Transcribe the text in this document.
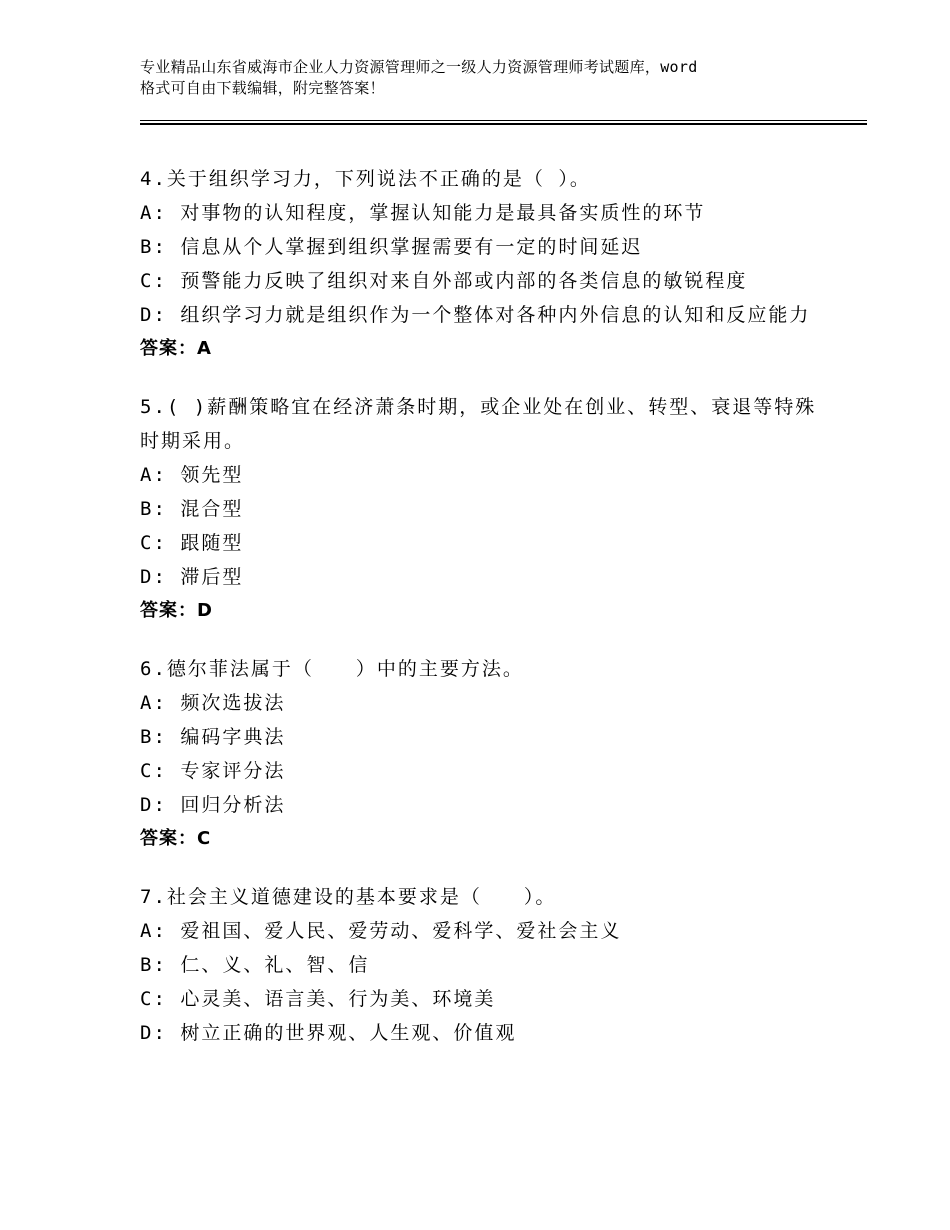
专业精品山东省威海市企业人力资源管理师之一级人力资源管理师考试题库，word
格式可自由下载编辑，附完整答案！
4.关于组织学习力，下列说法不正确的是（ ）。
A: 对事物的认知程度，掌握认知能力是最具备实质性的环节
B: 信息从个人掌握到组织掌握需要有一定的时间延迟
C: 预警能力反映了组织对来自外部或内部的各类信息的敏锐程度
D: 组织学习力就是组织作为一个整体对各种内外信息的认知和反应能力
答案：A
5.( )薪酬策略宜在经济萧条时期，或企业处在创业、转型、衰退等特殊时期采用。
A: 领先型
B: 混合型
C: 跟随型
D: 滞后型
答案：D
6.德尔菲法属于（　　）中的主要方法。
A: 频次选拔法
B: 编码字典法
C: 专家评分法
D: 回归分析法
答案：C
7.社会主义道德建设的基本要求是（　　）。
A: 爱祖国、爱人民、爱劳动、爱科学、爱社会主义
B: 仁、义、礼、智、信
C: 心灵美、语言美、行为美、环境美
D: 树立正确的世界观、人生观、价值观
